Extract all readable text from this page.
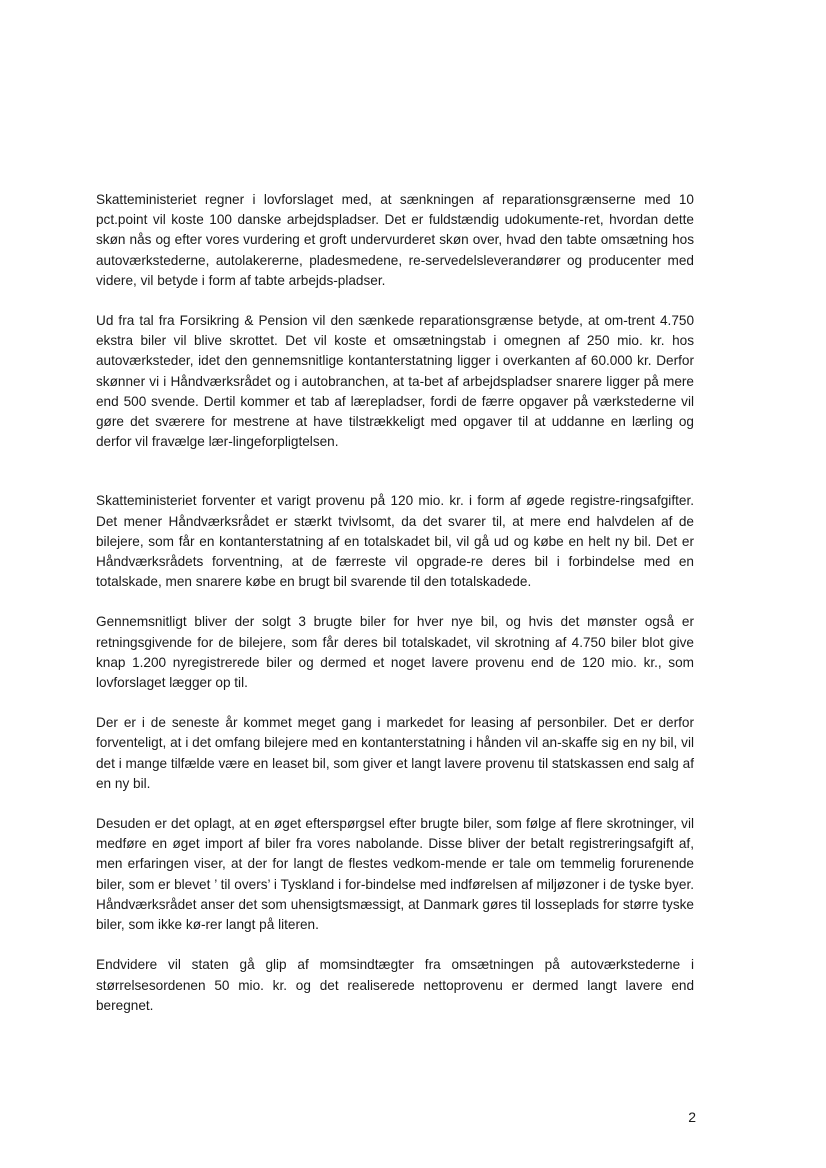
Skatteministeriet regner i lovforslaget med, at sænkningen af reparationsgrænserne med 10 pct.point vil koste 100 danske arbejdspladser. Det er fuldstændig udokumente-ret, hvordan dette skøn nås og efter vores vurdering et groft undervurderet skøn over, hvad den tabte omsætning hos autoværkstederne, autolakererne, pladesmedene, re-servedelsleverandører og producenter med videre, vil betyde i form af tabte arbejds-pladser.

Ud fra tal fra Forsikring & Pension vil den sænkede reparationsgrænse betyde, at om-trent 4.750 ekstra biler vil blive skrottet. Det vil koste et omsætningstab i omegnen af 250 mio. kr. hos autoværksteder, idet den gennemsnitlige kontanterstatning ligger i overkanten af 60.000 kr. Derfor skønner vi i Håndværksrådet og i autobranchen, at ta-bet af arbejdspladser snarere ligger på mere end 500 svende. Dertil kommer et tab af lærepladser, fordi de færre opgaver på værkstederne vil gøre det sværere for mestrene at have tilstrækkeligt med opgaver til at uddanne en lærling og derfor vil fravælge lær-lingeforpligtelsen.

Skatteministeriet forventer et varigt provenu på 120 mio. kr. i form af øgede registre-ringsafgifter. Det mener Håndværksrådet er stærkt tvivlsomt, da det svarer til, at mere end halvdelen af de bilejere, som får en kontanterstatning af en totalskadet bil, vil gå ud og købe en helt ny bil. Det er Håndværksrådets forventning, at de færreste vil opgrade-re deres bil i forbindelse med en totalskade, men snarere købe en brugt bil svarende til den totalskadede.

Gennemsnitligt bliver der solgt 3 brugte biler for hver nye bil, og hvis det mønster også er retningsgivende for de bilejere, som får deres bil totalskadet, vil skrotning af 4.750 biler blot give knap 1.200 nyregistrerede biler og dermed et noget lavere provenu end de 120 mio. kr., som lovforslaget lægger op til.

Der er i de seneste år kommet meget gang i markedet for leasing af personbiler. Det er derfor forventeligt, at i det omfang bilejere med en kontanterstatning i hånden vil an-skaffe sig en ny bil, vil det i mange tilfælde være en leaset bil, som giver et langt lavere provenu til statskassen end salg af en ny bil.

Desuden er det oplagt, at en øget efterspørgsel efter brugte biler, som følge af flere skrotninger, vil medføre en øget import af biler fra vores nabolande. Disse bliver der betalt registreringsafgift af, men erfaringen viser, at der for langt de flestes vedkom-mende er tale om temmelig forurenende biler, som er blevet ’ til overs’ i Tyskland i for-bindelse med indførelsen af miljøzoner i de tyske byer. Håndværksrådet anser det som uhensigtsmæssigt, at Danmark gøres til losseplads for større tyske biler, som ikke kø-rer langt på literen.

Endvidere vil staten gå glip af momsindtægter fra omsætningen på autoværkstederne i størrelsesordenen 50 mio. kr. og det realiserede nettoprovenu er dermed langt lavere end beregnet.

2
